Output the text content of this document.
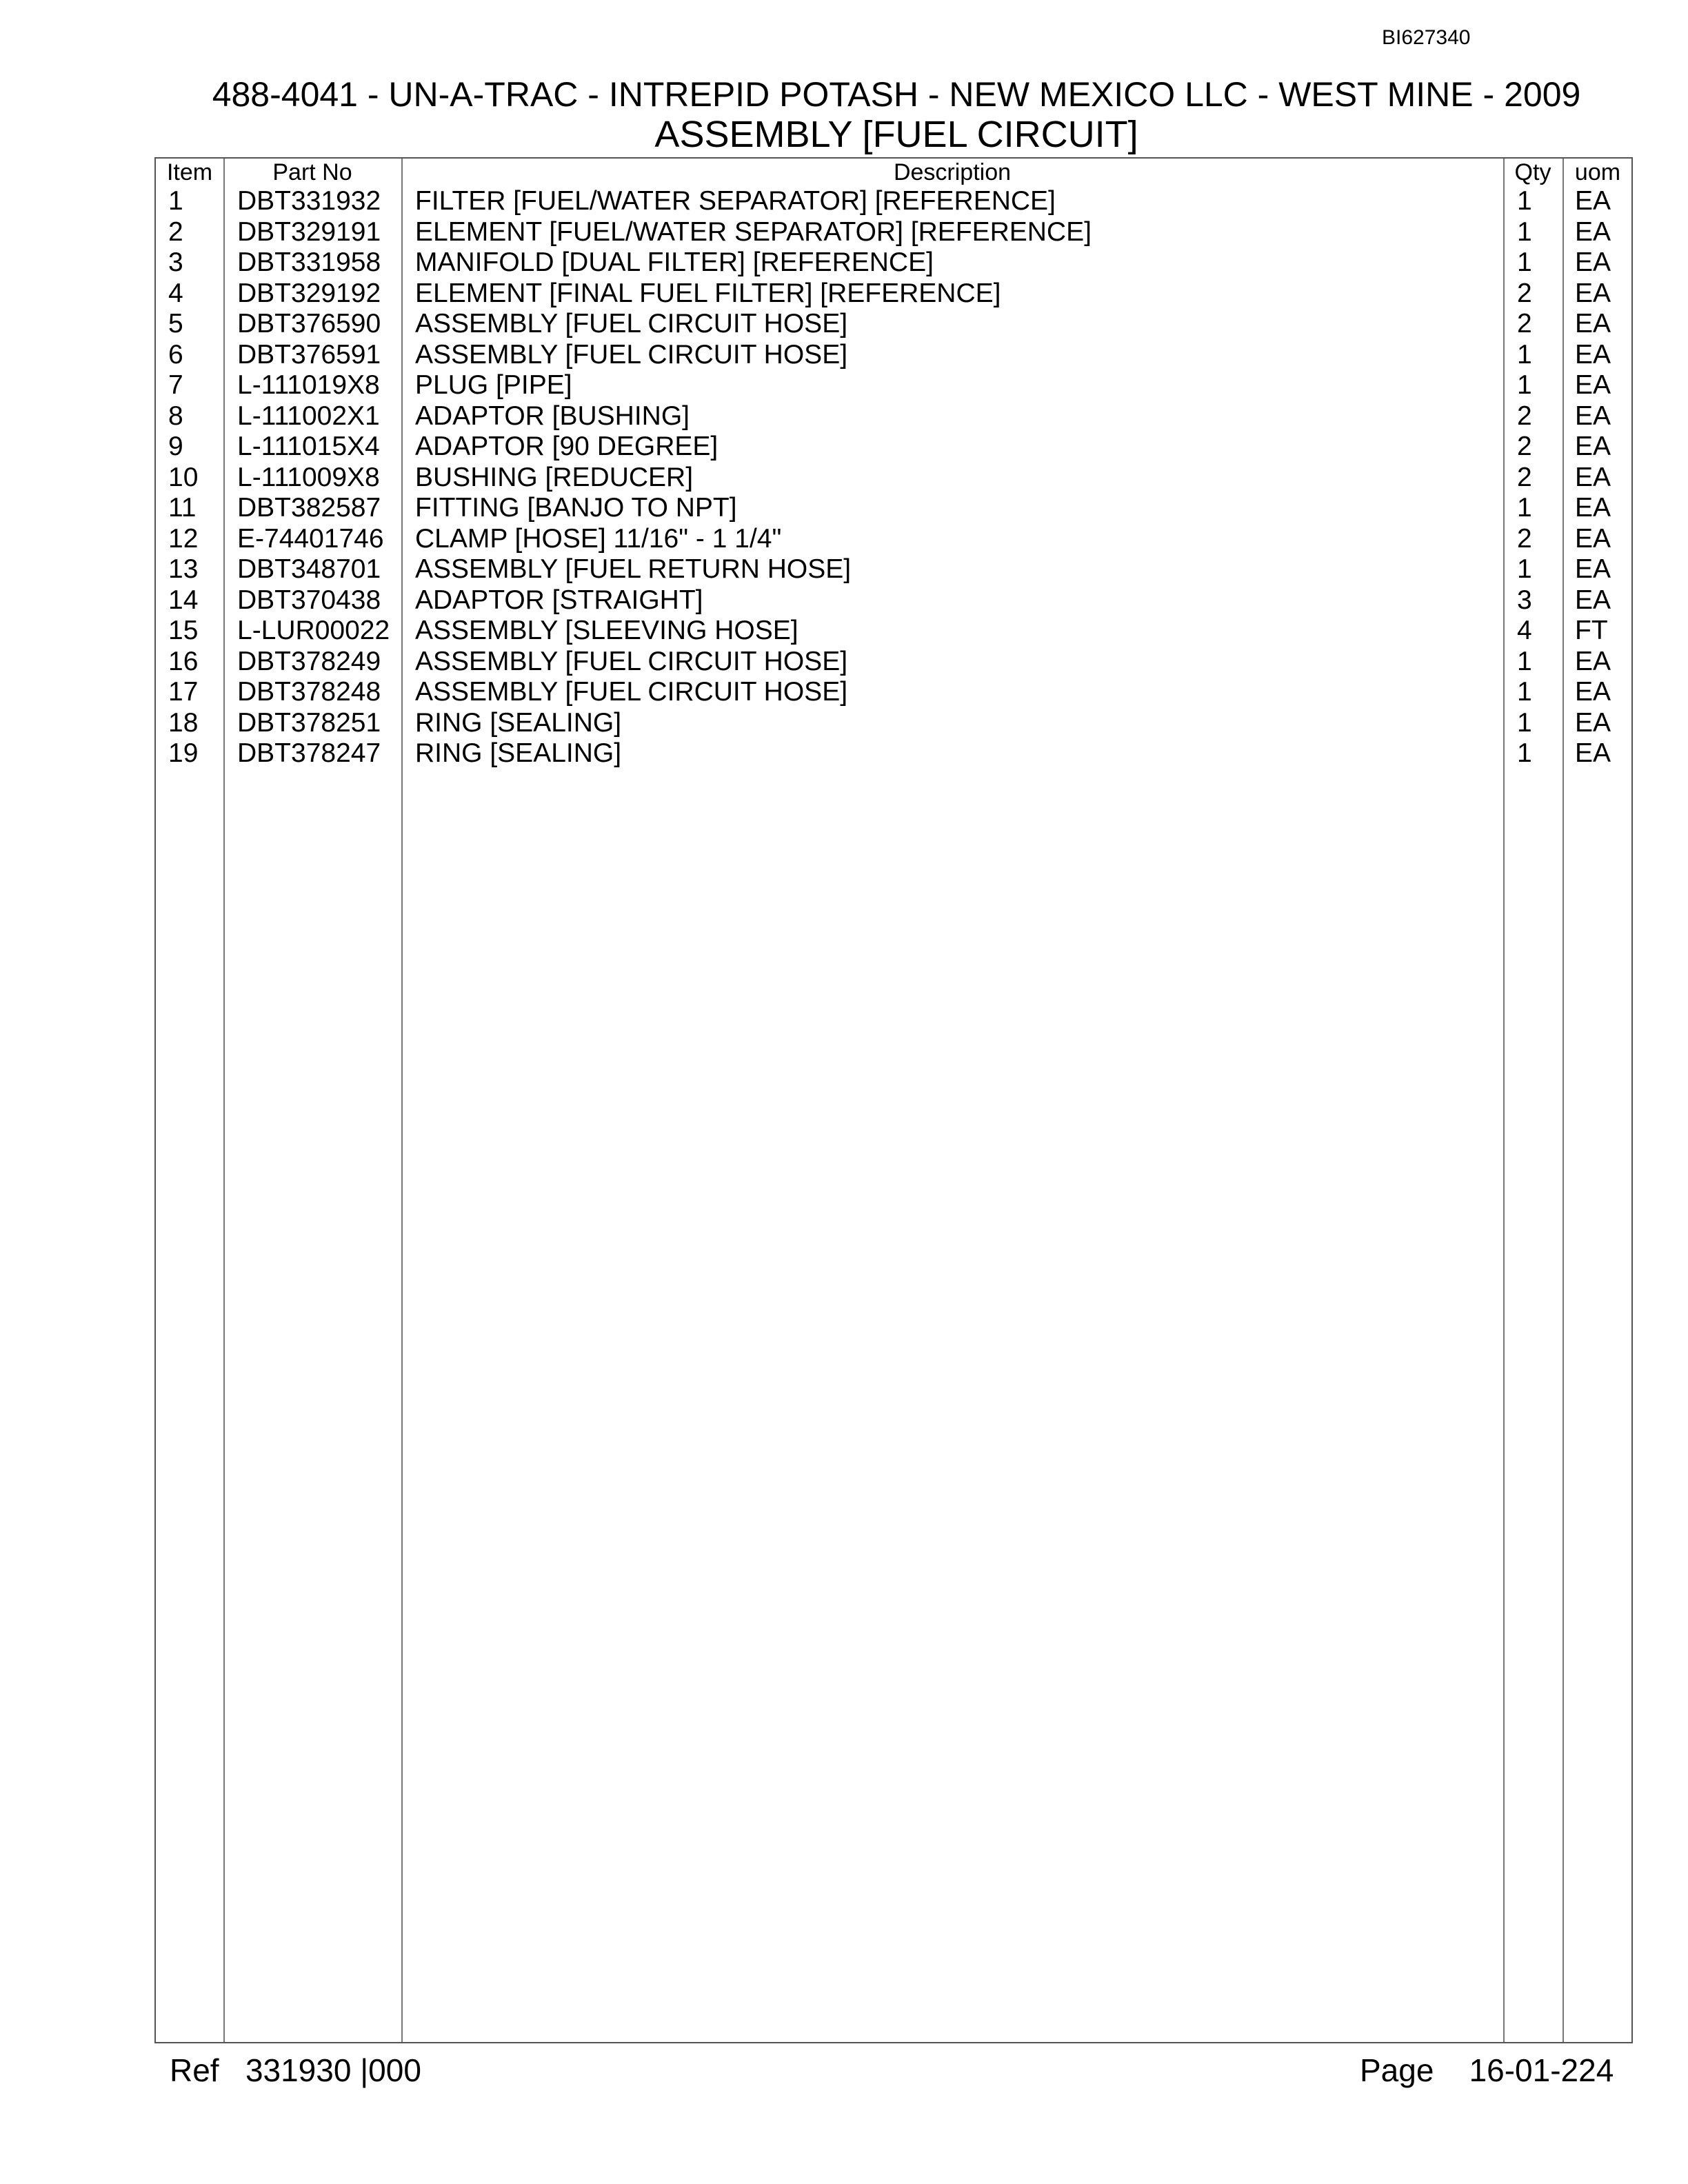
BI627340
488-4041 - UN-A-TRAC - INTREPID POTASH - NEW MEXICO LLC - WEST MINE - 2009
ASSEMBLY [FUEL CIRCUIT]
Item	Part No	Description	Qty	uom
1 DBT331932 FILTER [FUEL/WATER SEPARATOR] [REFERENCE]	1 EA
2 DBT329191 ELEMENT [FUEL/WATER SEPARATOR] [REFERENCE]	1 EA
3 DBT331958 MANIFOLD [DUAL FILTER] [REFERENCE]	1 EA
4 DBT329192 ELEMENT [FINAL FUEL FILTER] [REFERENCE]	2 EA
5 DBT376590 ASSEMBLY [FUEL CIRCUIT HOSE]	2 EA
6 DBT376591 ASSEMBLY [FUEL CIRCUIT HOSE]	1 EA
7 L-111019X8 PLUG [PIPE]	1 EA
8 L-111002X1 ADAPTOR [BUSHING]	2 EA
9 L-111015X4 ADAPTOR [90 DEGREE]	2 EA
10 L-111009X8 BUSHING [REDUCER]	2 EA
11 DBT382587 FITTING [BANJO TO NPT]	1 EA
12 E-74401746 CLAMP [HOSE] 11/16" - 1 1/4"	2 EA
13 DBT348701 ASSEMBLY [FUEL RETURN HOSE]	1 EA
14 DBT370438 ADAPTOR [STRAIGHT]	3 EA
15 L-LUR00022 ASSEMBLY [SLEEVING HOSE]	4 FT
16 DBT378249 ASSEMBLY [FUEL CIRCUIT HOSE]	1 EA
17 DBT378248 ASSEMBLY [FUEL CIRCUIT HOSE]	1 EA
18 DBT378251 RING [SEALING]	1 EA
19 DBT378247 RING [SEALING]	1 EA
Ref 331930 |000	Page 16-01-224
